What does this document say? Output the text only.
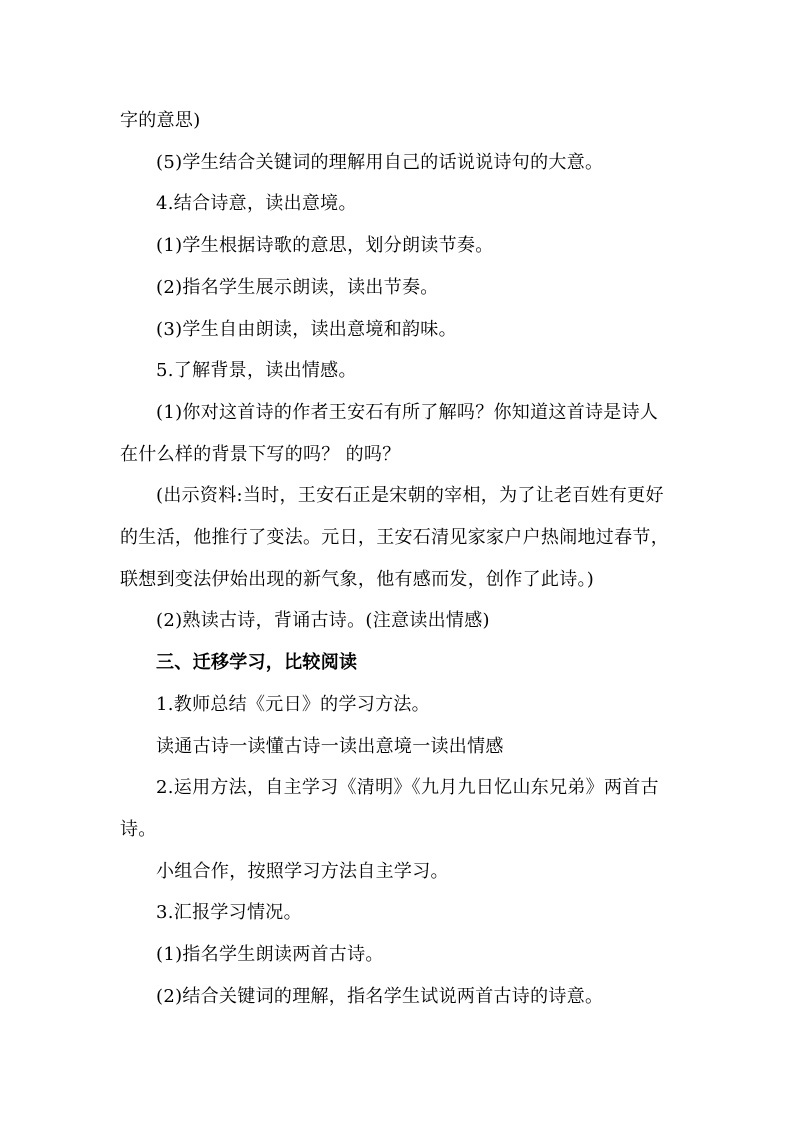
字的意思)
(5)学生结合关键词的理解用自己的话说说诗句的大意。
4.结合诗意，读出意境。
(1)学生根据诗歌的意思，划分朗读节奏。
(2)指名学生展示朗读，读出节奏。
(3)学生自由朗读，读出意境和韵味。
5.了解背景，读出情感。
(1)你对这首诗的作者王安石有所了解吗？你知道这首诗是诗人
在什么样的背景下写的吗？ 的吗？
(出示资料:当时，王安石正是宋朝的宰相，为了让老百姓有更好
的生活，他推行了变法。元日，王安石清见家家户户热闹地过春节，
联想到变法伊始出现的新气象，他有感而发，创作了此诗。)
(2)熟读古诗，背诵古诗。(注意读出情感)
三、迁移学习，比较阅读
1.教师总结《元日》的学习方法。
读通古诗一读懂古诗一读出意境一读出情感
2.运用方法，自主学习《清明》《九月九日忆山东兄弟》两首古
诗。
小组合作，按照学习方法自主学习。
3.汇报学习情况。
(1)指名学生朗读两首古诗。
(2)结合关键词的理解，指名学生试说两首古诗的诗意。
